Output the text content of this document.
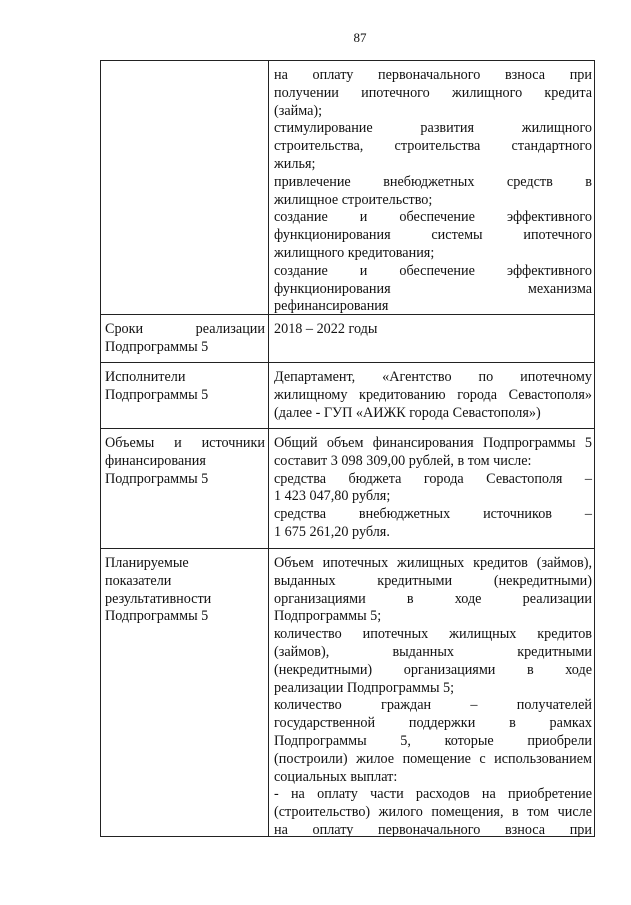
87
на оплату первоначального взноса при
получении ипотечного жилищного кредита
(займа);
стимулирование развития жилищного
строительства, строительства стандартного
жилья;
привлечение внебюджетных средств в
жилищное строительство;
создание и обеспечение эффективного
функционирования системы ипотечного
жилищного кредитования;
создание и обеспечение эффективного
функционирования механизма
рефинансирования
Сроки реализации
Подпрограммы 5
2018 – 2022 годы
Исполнители
Подпрограммы 5
Департамент, «Агентство по ипотечному
жилищному кредитованию города Севастополя»
(далее - ГУП «АИЖК города Севастополя»)
Объемы и источники
финансирования
Подпрограммы 5
Общий объем финансирования Подпрограммы 5
составит 3 098 309,00 рублей, в том числе:
средства бюджета города Севастополя –
1 423 047,80 рубля;
средства внебюджетных источников –
1 675 261,20 рубля.
Планируемые
показатели
результативности
Подпрограммы 5
Объем ипотечных жилищных кредитов (займов),
выданных кредитными (некредитными)
организациями в ходе реализации
Подпрограммы 5;
количество ипотечных жилищных кредитов
(займов), выданных кредитными
(некредитными) организациями в ходе
реализации Подпрограммы 5;
количество граждан – получателей
государственной поддержки в рамках
Подпрограммы 5, которые приобрели
(построили) жилое помещение с использованием
социальных выплат:
- на оплату части расходов на приобретение
(строительство) жилого помещения, в том числе
на оплату первоначального взноса при
